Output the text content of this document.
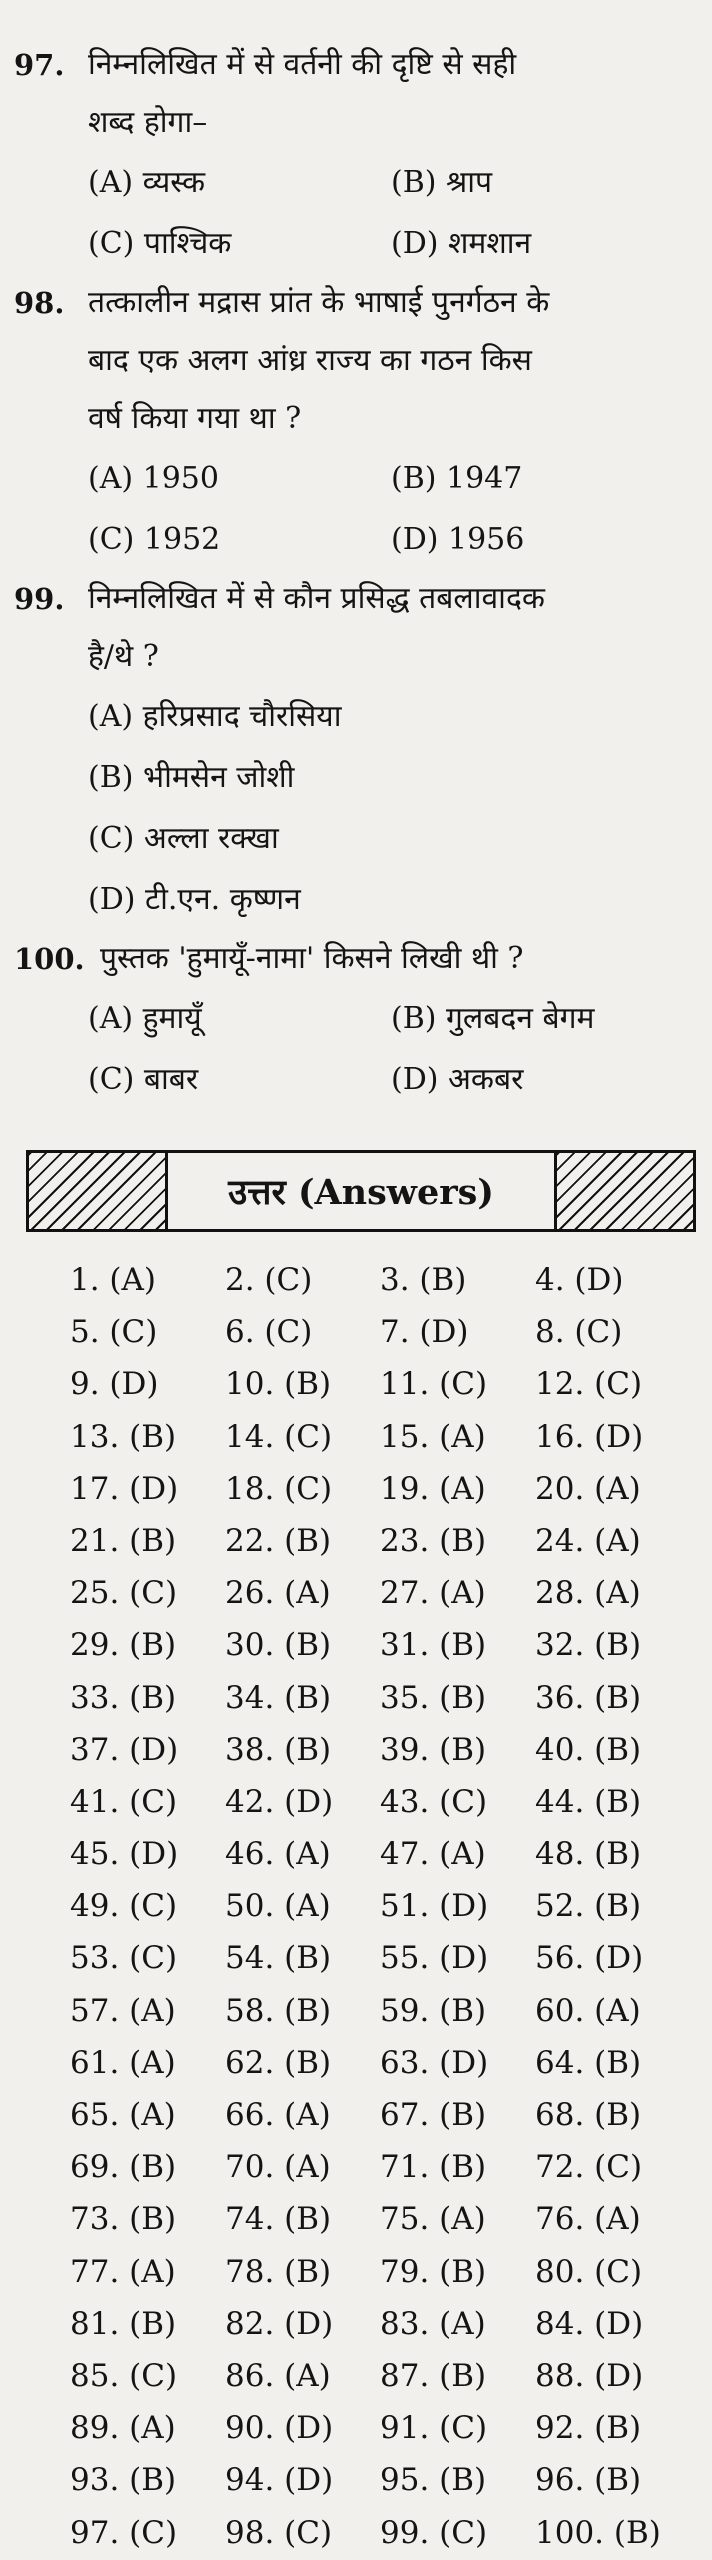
97. निम्नलिखित में से वर्तनी की दृष्टि से सही
शब्द होगा–
(A) व्यस्क	(B) श्राप
(C) पाश्चिक	(D) शमशान
98. तत्कालीन मद्रास प्रांत के भाषाई पुनर्गठन के
बाद एक अलग आंध्र राज्य का गठन किस
वर्ष किया गया था ?
(A) 1950	(B) 1947
(C) 1952	(D) 1956
99. निम्नलिखित में से कौन प्रसिद्ध तबलावादक
है/थे ?
(A) हरिप्रसाद चौरसिया
(B) भीमसेन जोशी
(C) अल्ला रक्खा
(D) टी.एन. कृष्णन
100. पुस्तक 'हुमायूँ-नामा' किसने लिखी थी ?
(A) हुमायूँ	(B) गुलबदन बेगम
(C) बाबर	(D) अकबर
उत्तर (Answers)
1. (A)	2. (C)	3. (B)	4. (D)
5. (C)	6. (C)	7. (D)	8. (C)
9. (D)	10. (B)	11. (C)	12. (C)
13. (B)	14. (C)	15. (A)	16. (D)
17. (D)	18. (C)	19. (A)	20. (A)
21. (B)	22. (B)	23. (B)	24. (A)
25. (C)	26. (A)	27. (A)	28. (A)
29. (B)	30. (B)	31. (B)	32. (B)
33. (B)	34. (B)	35. (B)	36. (B)
37. (D)	38. (B)	39. (B)	40. (B)
41. (C)	42. (D)	43. (C)	44. (B)
45. (D)	46. (A)	47. (A)	48. (B)
49. (C)	50. (A)	51. (D)	52. (B)
53. (C)	54. (B)	55. (D)	56. (D)
57. (A)	58. (B)	59. (B)	60. (A)
61. (A)	62. (B)	63. (D)	64. (B)
65. (A)	66. (A)	67. (B)	68. (B)
69. (B)	70. (A)	71. (B)	72. (C)
73. (B)	74. (B)	75. (A)	76. (A)
77. (A)	78. (B)	79. (B)	80. (C)
81. (B)	82. (D)	83. (A)	84. (D)
85. (C)	86. (A)	87. (B)	88. (D)
89. (A)	90. (D)	91. (C)	92. (B)
93. (B)	94. (D)	95. (B)	96. (B)
97. (C)	98. (C)	99. (C)	100. (B)
